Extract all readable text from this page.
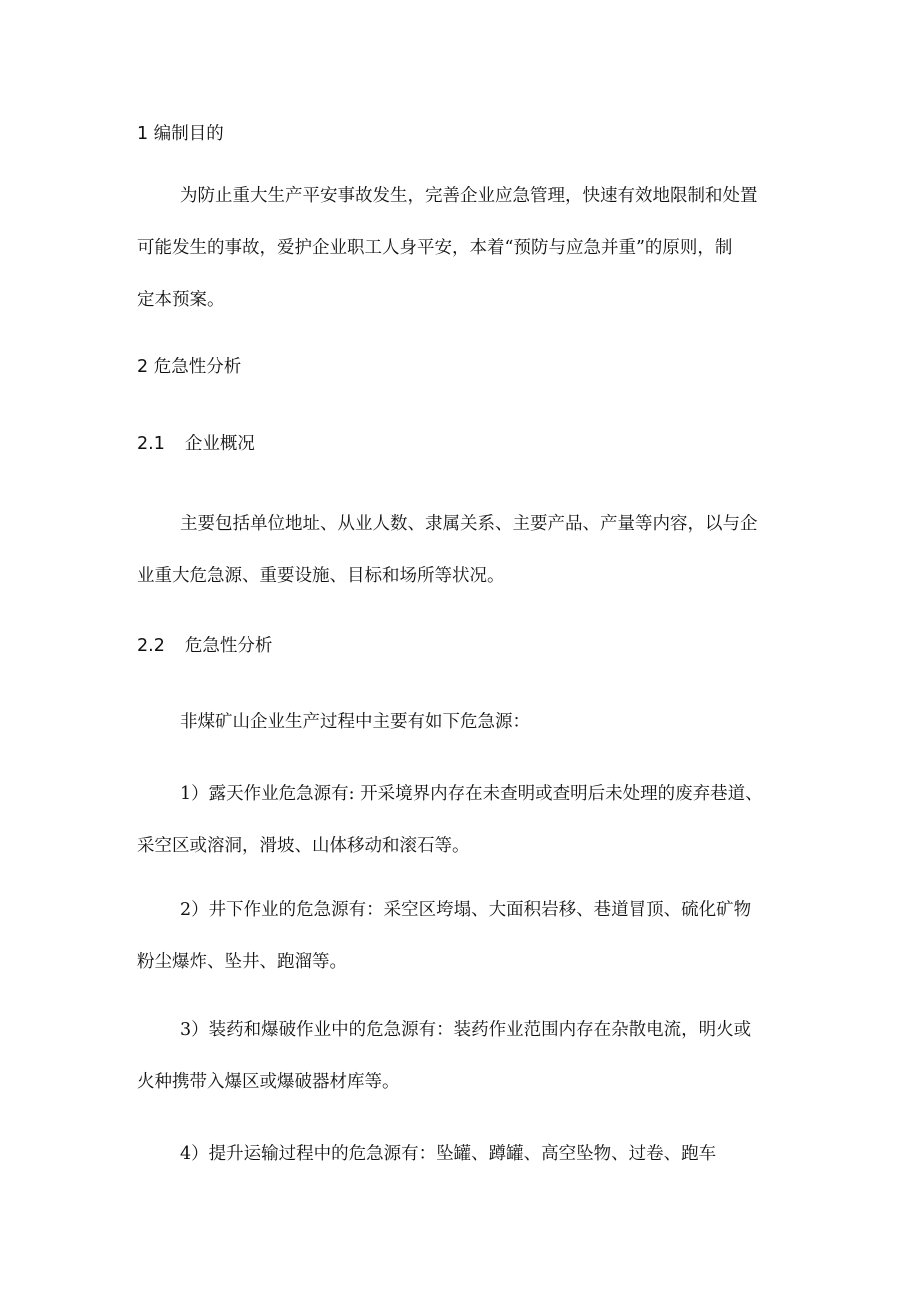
1 编制目的
为防止重大生产平安事故发生，完善企业应急管理，快速有效地限制和处置
可能发生的事故，爱护企业职工人身平安，本着“预防与应急并重”的原则，制
定本预案。
2 危急性分析
2.1 企业概况
主要包括单位地址、从业人数、隶属关系、主要产品、产量等内容，以与企
业重大危急源、重要设施、目标和场所等状况。
2.2 危急性分析
非煤矿山企业生产过程中主要有如下危急源：
1）露天作业危急源有: 开采境界内存在未查明或查明后未处理的废弃巷道、
采空区或溶洞，滑坡、山体移动和滚石等。
2）井下作业的危急源有：采空区垮塌、大面积岩移、巷道冒顶、硫化矿物
粉尘爆炸、坠井、跑溜等。
3）装药和爆破作业中的危急源有：装药作业范围内存在杂散电流，明火或
火种携带入爆区或爆破器材库等。
4）提升运输过程中的危急源有：坠罐、蹲罐、高空坠物、过卷、跑车
